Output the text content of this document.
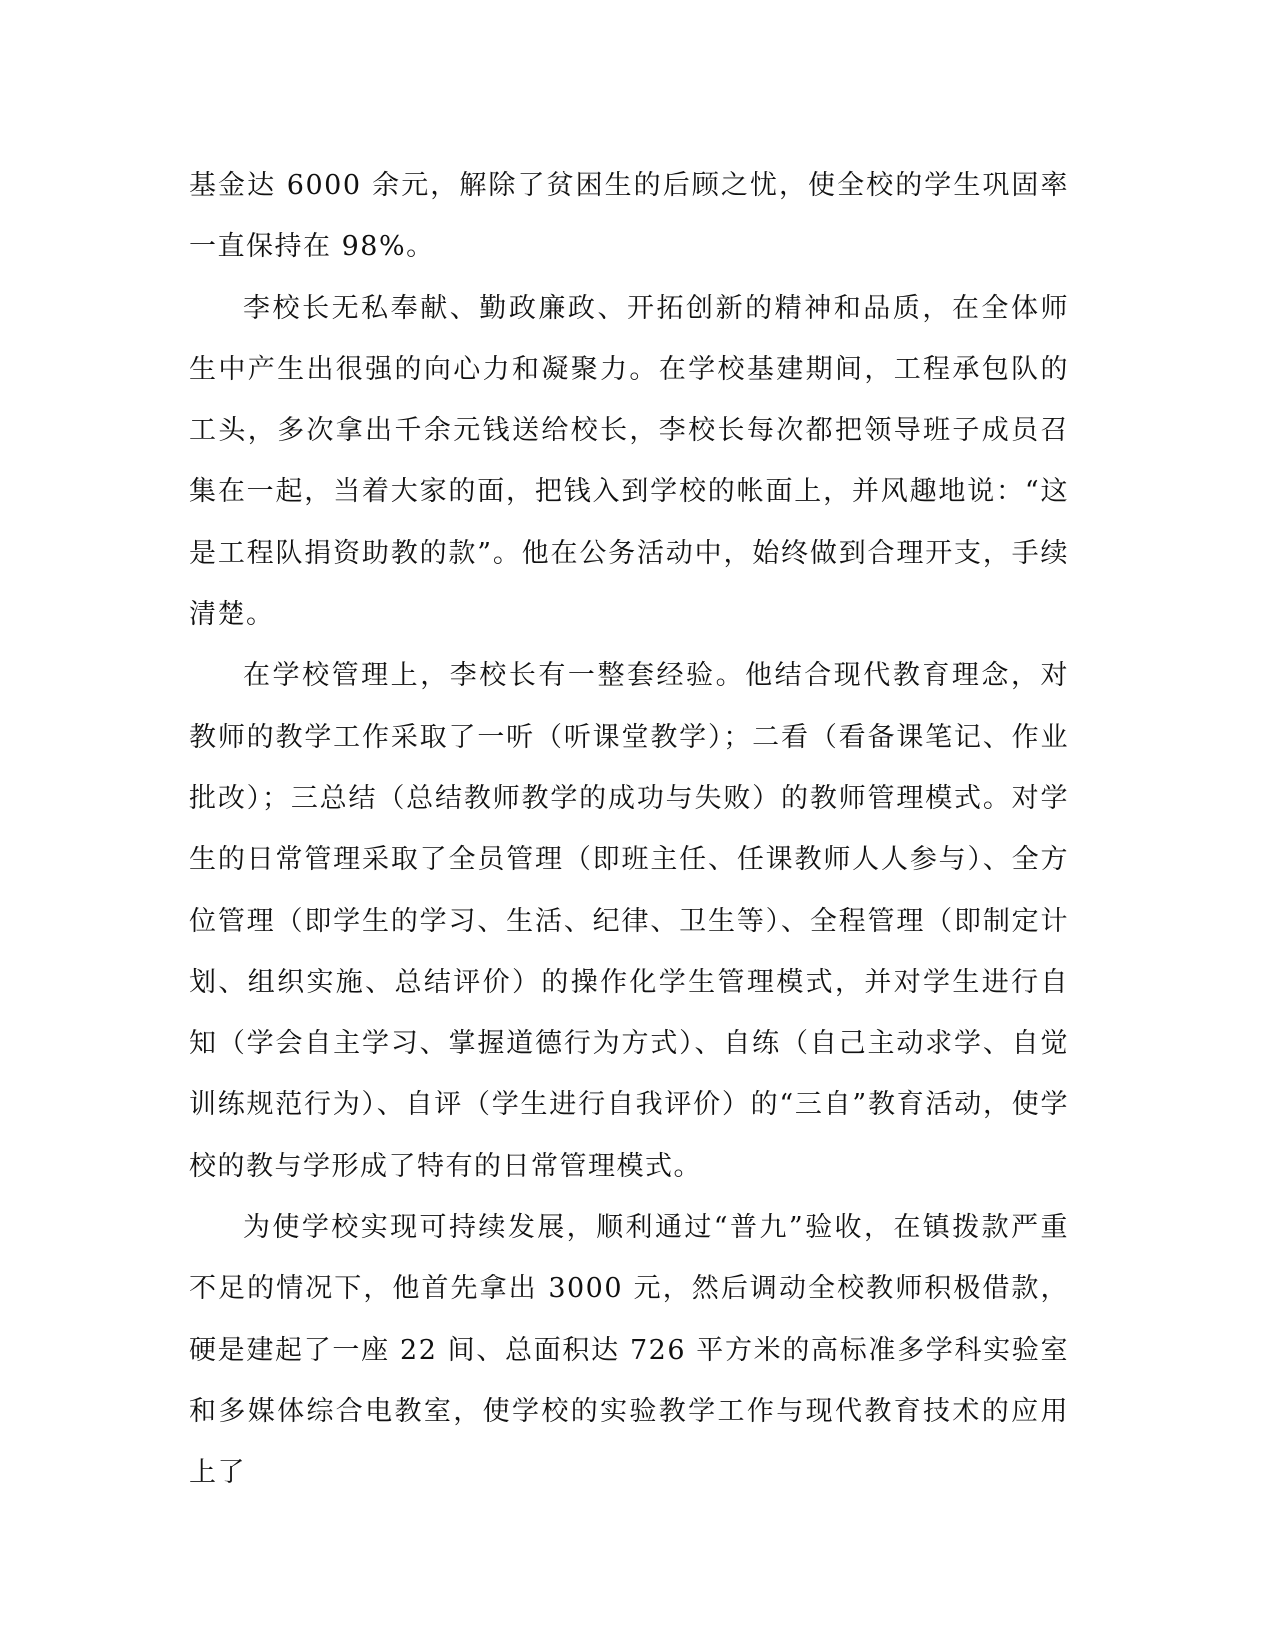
基金达 6000 余元，解除了贫困生的后顾之忧，使全校的学生巩固率一直保持在 98%。

李校长无私奉献、勤政廉政、开拓创新的精神和品质，在全体师生中产生出很强的向心力和凝聚力。在学校基建期间，工程承包队的工头，多次拿出千余元钱送给校长，李校长每次都把领导班子成员召集在一起，当着大家的面，把钱入到学校的帐面上，并风趣地说：“这是工程队捐资助教的款”。他在公务活动中，始终做到合理开支，手续清楚。

在学校管理上，李校长有一整套经验。他结合现代教育理念，对教师的教学工作采取了一听（听课堂教学）；二看（看备课笔记、作业批改）；三总结（总结教师教学的成功与失败）的教师管理模式。对学生的日常管理采取了全员管理（即班主任、任课教师人人参与）、全方位管理（即学生的学习、生活、纪律、卫生等）、全程管理（即制定计划、组织实施、总结评价）的操作化学生管理模式，并对学生进行自知（学会自主学习、掌握道德行为方式）、自练（自己主动求学、自觉训练规范行为）、自评（学生进行自我评价）的“三自”教育活动，使学校的教与学形成了特有的日常管理模式。

为使学校实现可持续发展，顺利通过“普九”验收，在镇拨款严重不足的情况下，他首先拿出 3000 元，然后调动全校教师积极借款，硬是建起了一座 22 间、总面积达 726 平方米的高标准多学科实验室和多媒体综合电教室，使学校的实验教学工作与现代教育技术的应用上了
